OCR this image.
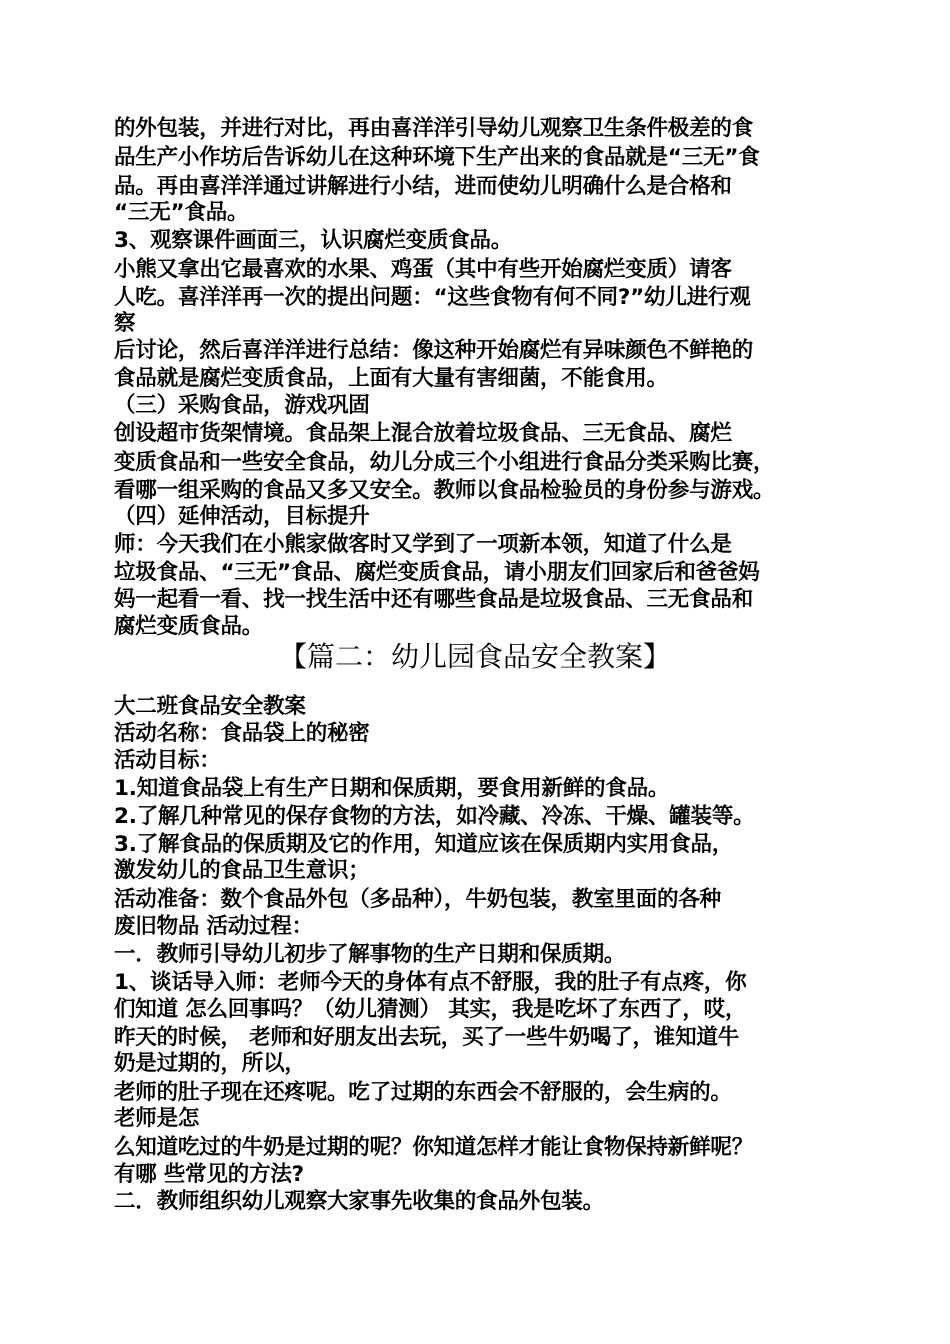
的外包装，并进行对比，再由喜洋洋引导幼儿观察卫生条件极差的食
品生产小作坊后告诉幼儿在这种环境下生产出来的食品就是“三无”食
品。再由喜洋洋通过讲解进行小结，进而使幼儿明确什么是合格和
“三无”食品。
3、观察课件画面三，认识腐烂变质食品。
小熊又拿出它最喜欢的水果、鸡蛋（其中有些开始腐烂变质）请客
人吃。喜洋洋再一次的提出问题：“这些食物有何不同?”幼儿进行观
察
后讨论，然后喜洋洋进行总结：像这种开始腐烂有异味颜色不鲜艳的
食品就是腐烂变质食品，上面有大量有害细菌，不能食用。
（三）采购食品，游戏巩固
创设超市货架情境。食品架上混合放着垃圾食品、三无食品、腐烂
变质食品和一些安全食品，幼儿分成三个小组进行食品分类采购比赛，
看哪一组采购的食品又多又安全。教师以食品检验员的身份参与游戏。
（四）延伸活动，目标提升
师：今天我们在小熊家做客时又学到了一项新本领，知道了什么是
垃圾食品、“三无”食品、腐烂变质食品，请小朋友们回家后和爸爸妈
妈一起看一看、找一找生活中还有哪些食品是垃圾食品、三无食品和
腐烂变质食品。
【篇二：幼儿园食品安全教案】
大二班食品安全教案
活动名称：食品袋上的秘密
活动目标：
1.知道食品袋上有生产日期和保质期，要食用新鲜的食品。
2.了解几种常见的保存食物的方法，如冷藏、冷冻、干燥、罐装等。
3.了解食品的保质期及它的作用，知道应该在保质期内实用食品，
激发幼儿的食品卫生意识；
活动准备：数个食品外包（多品种），牛奶包装，教室里面的各种
废旧物品 活动过程：
一．教师引导幼儿初步了解事物的生产日期和保质期。
1、谈话导入师：老师今天的身体有点不舒服，我的肚子有点疼，你
们知道 怎么回事吗？（幼儿猜测） 其实，我是吃坏了东西了，哎，
昨天的时候， 老师和好朋友出去玩，买了一些牛奶喝了，谁知道牛
奶是过期的，所以，
老师的肚子现在还疼呢。吃了过期的东西会不舒服的，会生病的。
老师是怎
么知道吃过的牛奶是过期的呢？你知道怎样才能让食物保持新鲜呢？
有哪 些常见的方法?
二．教师组织幼儿观察大家事先收集的食品外包装。
